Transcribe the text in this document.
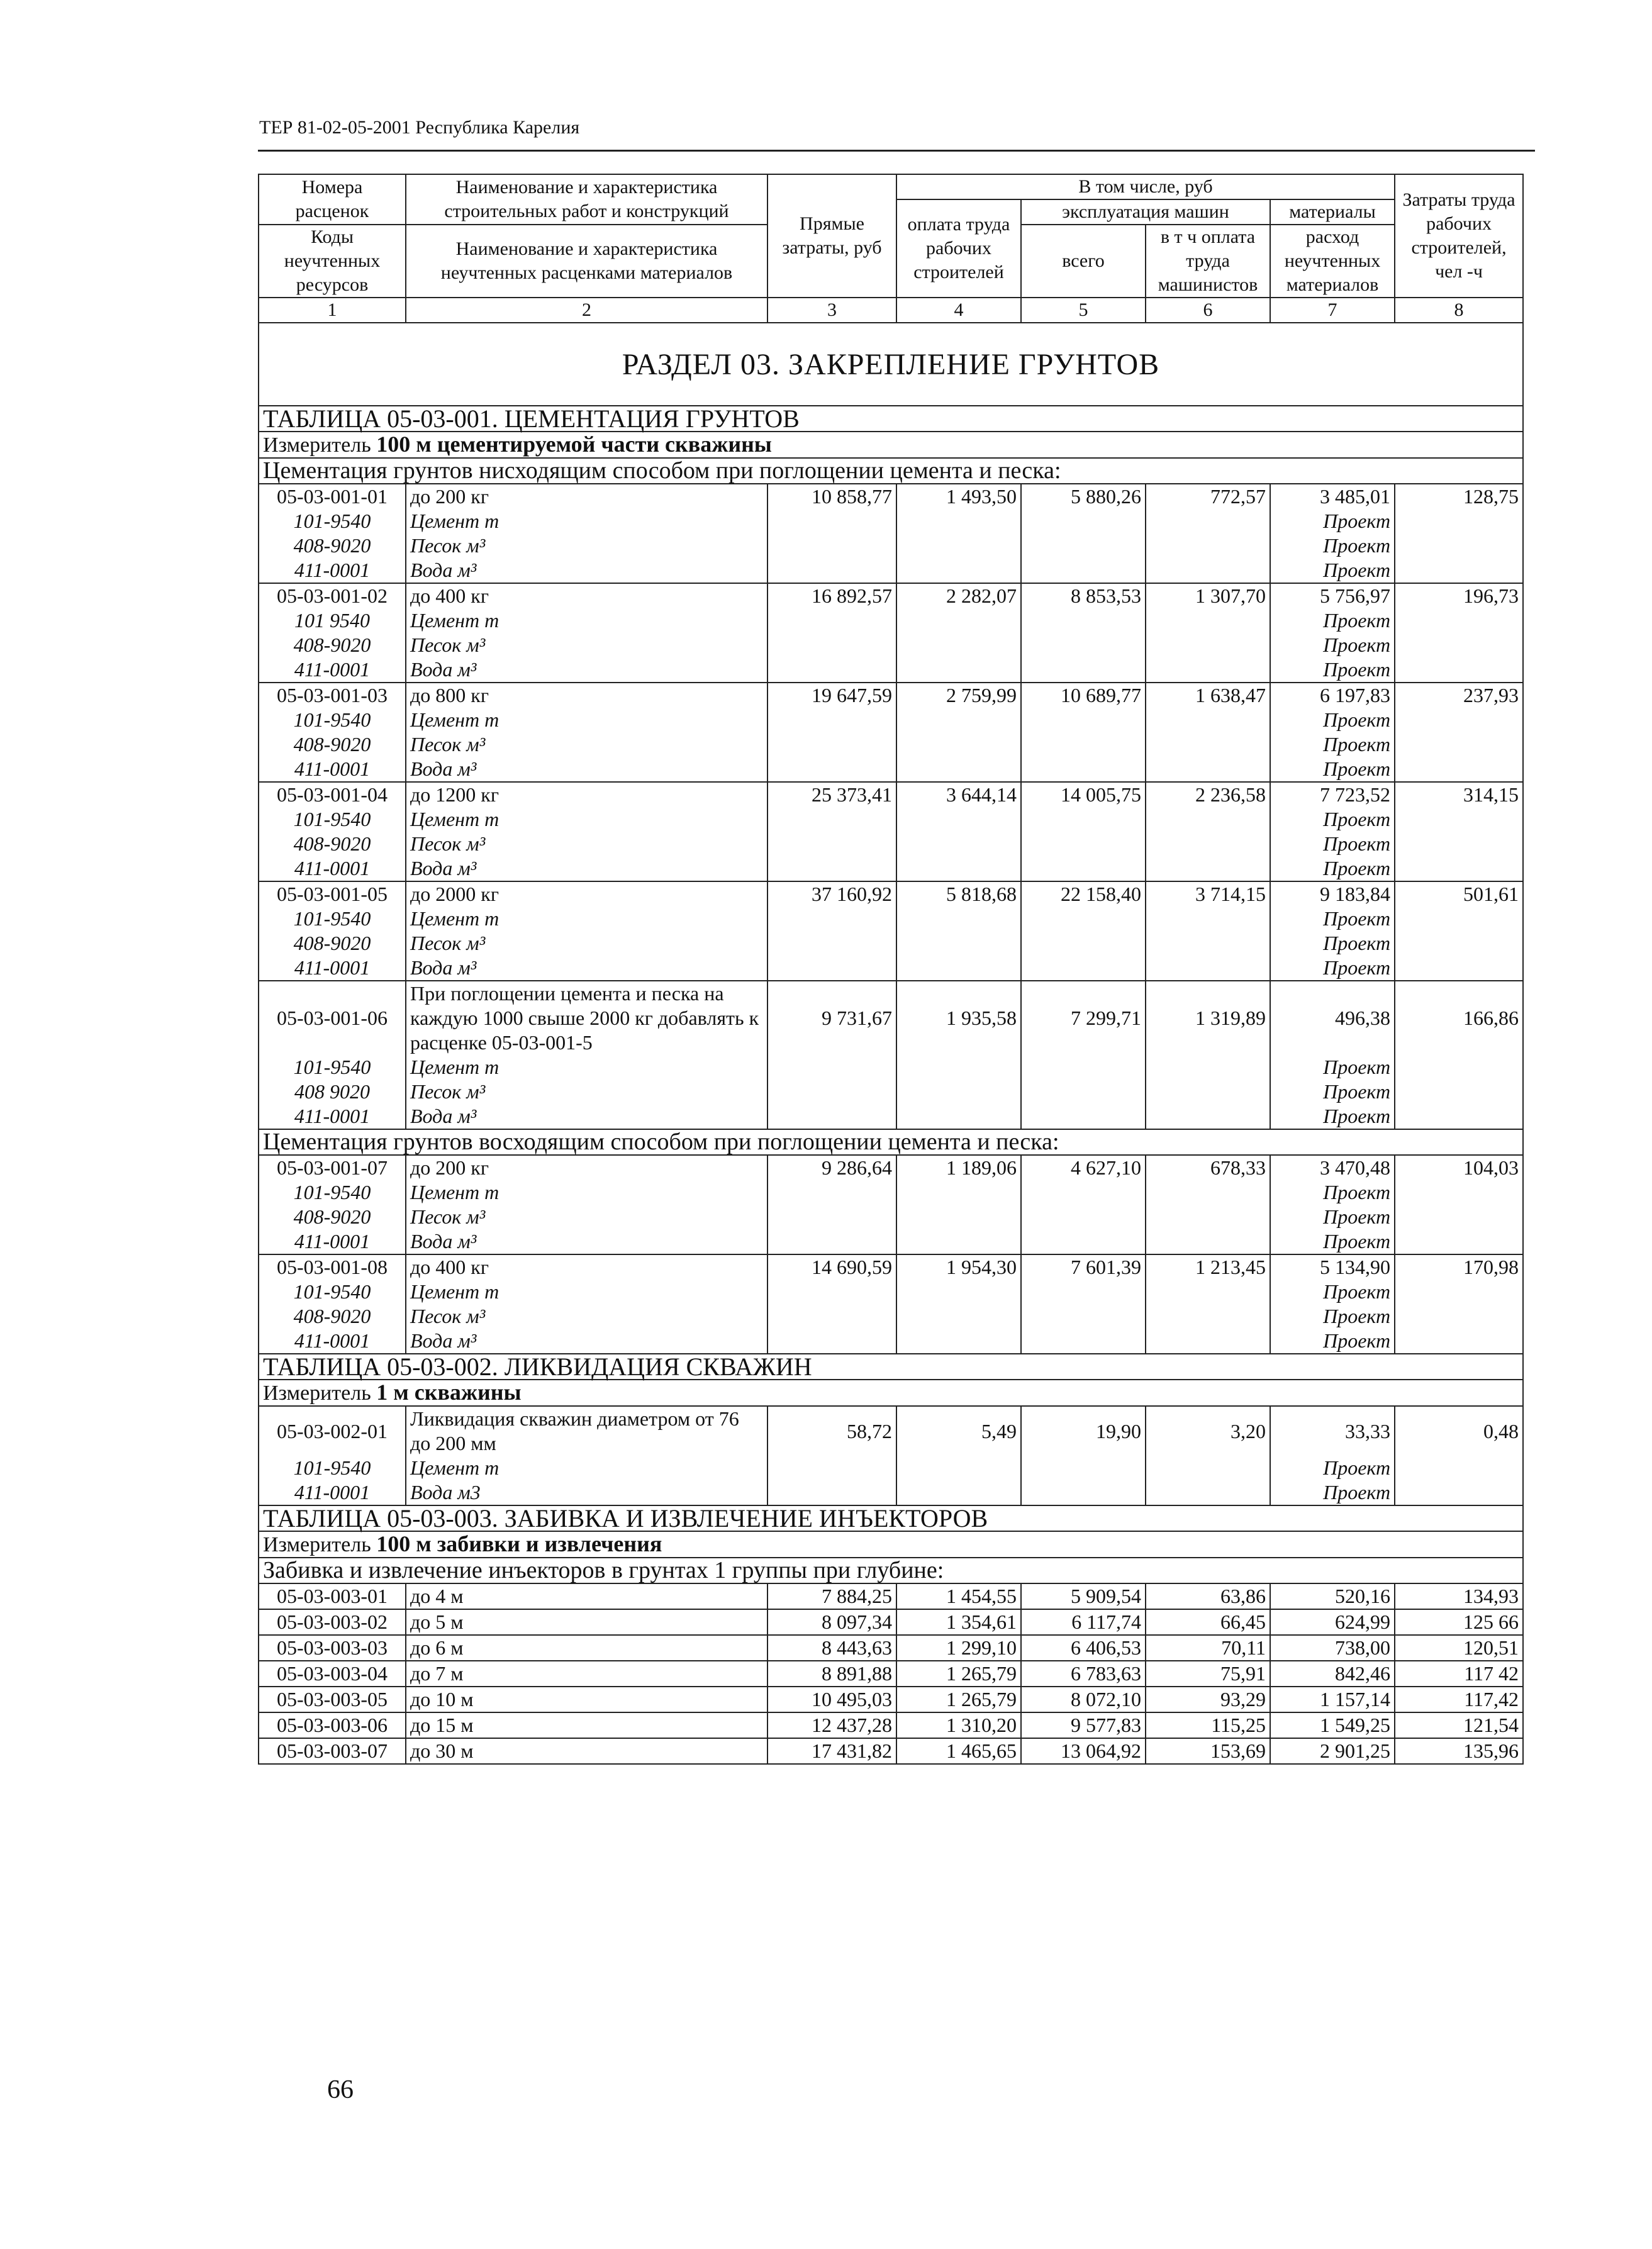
ТЕР 81-02-05-2001 Республика Карелия
Номера расценок	Наименование и характеристика строительных работ и конструкций	Прямые затраты, руб	В том числе, руб				Затраты труда рабочих строителей, чел -ч
			оплата труда рабочих строителей	эксплуатация машин		материалы	
Коды неучтенных ресурсов	Наименование и характеристика неучтенных расценками материалов			всего	в т ч оплата труда машинистов	расход неучтенных материалов	

1	2	3	4	5	6	7	8
РАЗДЕЛ 03. ЗАКРЕПЛЕНИЕ ГРУНТОВ							
ТАБЛИЦА 05-03-001. ЦЕМЕНТАЦИЯ ГРУНТОВ							
Измеритель 100 м цементируемой части скважины							
Цементация грунтов нисходящим способом при поглощении цемента и песка:							
05-03-001-01	до 200 кг	10 858,77	1 493,50	5 880,26	772,57	3 485,01	128,75
101-9540	Цемент т					Проект	
408-9020	Песок м³					Проект	
411-0001	Вода м³					Проект	
05-03-001-02	до 400 кг	16 892,57	2 282,07	8 853,53	1 307,70	5 756,97	196,73
101 9540	Цемент т					Проект	
408-9020	Песок м³					Проект	
411-0001	Вода м³					Проект	
05-03-001-03	до 800 кг	19 647,59	2 759,99	10 689,77	1 638,47	6 197,83	237,93
101-9540	Цемент т					Проект	
408-9020	Песок м³					Проект	
411-0001	Вода м³					Проект	
05-03-001-04	до 1200 кг	25 373,41	3 644,14	14 005,75	2 236,58	7 723,52	314,15
101-9540	Цемент т					Проект	
408-9020	Песок м³					Проект	
411-0001	Вода м³					Проект	
05-03-001-05	до 2000 кг	37 160,92	5 818,68	22 158,40	3 714,15	9 183,84	501,61
101-9540	Цемент т					Проект	
408-9020	Песок м³					Проект	
411-0001	Вода м³					Проект	
05-03-001-06	При поглощении цемента и песка на каждую 1000 свыше 2000 кг добавлять к расценке 05-03-001-5	9 731,67	1 935,58	7 299,71	1 319,89	496,38	166,86
101-9540	Цемент т					Проект	
408 9020	Песок м³					Проект	
411-0001	Вода м³					Проект	
Цементация грунтов восходящим способом при поглощении цемента и песка:							
05-03-001-07	до 200 кг	9 286,64	1 189,06	4 627,10	678,33	3 470,48	104,03
101-9540	Цемент т					Проект	
408-9020	Песок м³					Проект	
411-0001	Вода м³					Проект	
05-03-001-08	до 400 кг	14 690,59	1 954,30	7 601,39	1 213,45	5 134,90	170,98
101-9540	Цемент т					Проект	
408-9020	Песок м³					Проект	
411-0001	Вода м³					Проект	
ТАБЛИЦА 05-03-002. ЛИКВИДАЦИЯ СКВАЖИН							
Измеритель 1 м скважины							
05-03-002-01	Ликвидация скважин диаметром от 76 до 200 мм	58,72	5,49	19,90	3,20	33,33	0,48
101-9540	Цемент т					Проект	
411-0001	Вода м3					Проект	
ТАБЛИЦА 05-03-003. ЗАБИВКА И ИЗВЛЕЧЕНИЕ ИНЪЕКТОРОВ							
Измеритель 100 м забивки и извлечения							
Забивка и извлечение инъекторов в грунтах 1 группы при глубине:							
05-03-003-01	до 4 м	7 884,25	1 454,55	5 909,54	63,86	520,16	134,93
05-03-003-02	до 5 м	8 097,34	1 354,61	6 117,74	66,45	624,99	125 66
05-03-003-03	до 6 м	8 443,63	1 299,10	6 406,53	70,11	738,00	120,51
05-03-003-04	до 7 м	8 891,88	1 265,79	6 783,63	75,91	842,46	117 42
05-03-003-05	до 10 м	10 495,03	1 265,79	8 072,10	93,29	1 157,14	117,42
05-03-003-06	до 15 м	12 437,28	1 310,20	9 577,83	115,25	1 549,25	121,54
05-03-003-07	до 30 м	17 431,82	1 465,65	13 064,92	153,69	2 901,25	135,96
66
